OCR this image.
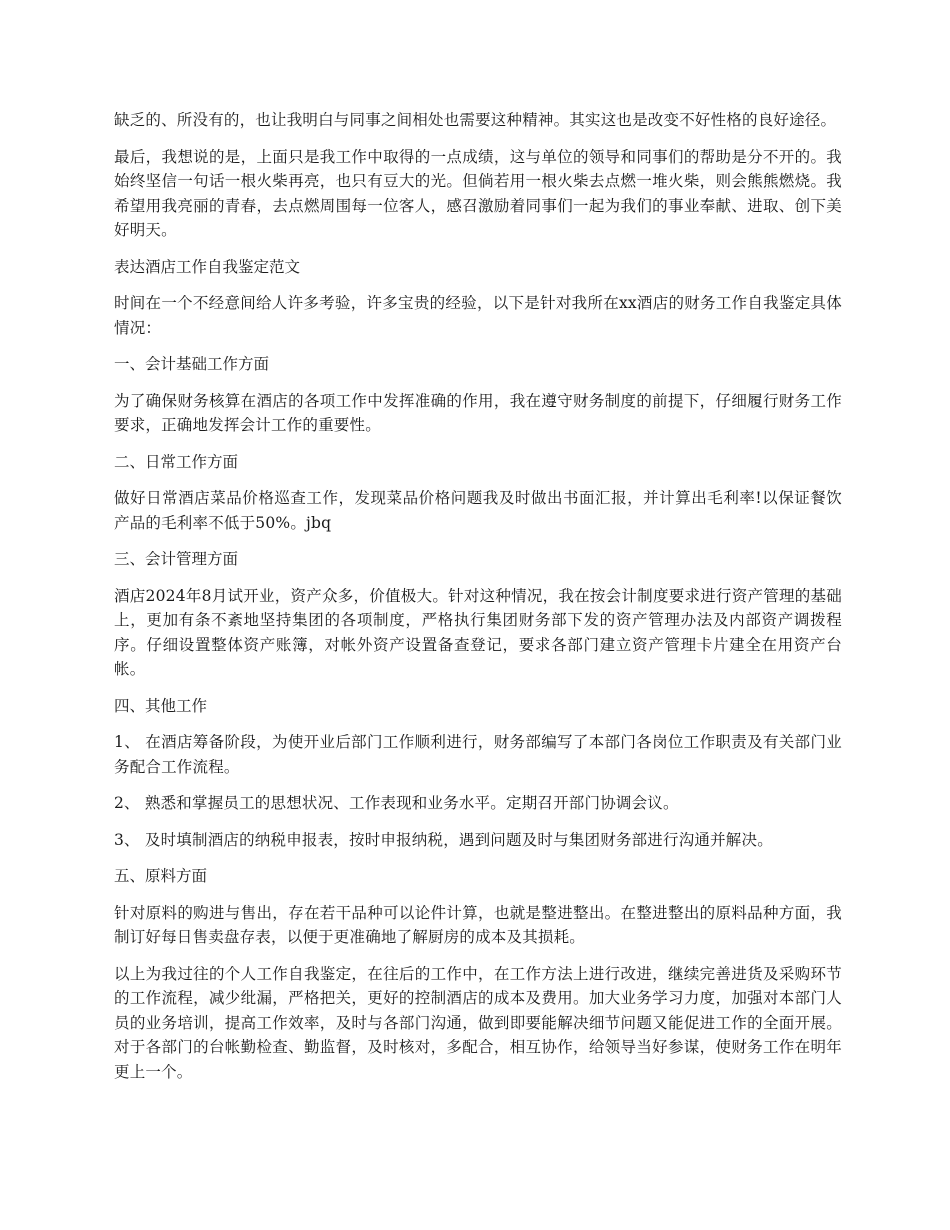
缺乏的、所没有的，也让我明白与同事之间相处也需要这种精神。其实这也是改变不好性格的良好途径。

最后，我想说的是，上面只是我工作中取得的一点成绩，这与单位的领导和同事们的帮助是分不开的。我始终坚信一句话一根火柴再亮，也只有豆大的光。但倘若用一根火柴去点燃一堆火柴，则会熊熊燃烧。我希望用我亮丽的青春，去点燃周围每一位客人，感召激励着同事们一起为我们的事业奉献、进取、创下美好明天。

表达酒店工作自我鉴定范文

时间在一个不经意间给人许多考验，许多宝贵的经验，以下是针对我所在xx酒店的财务工作自我鉴定具体情况：

一、会计基础工作方面

为了确保财务核算在酒店的各项工作中发挥准确的作用，我在遵守财务制度的前提下，仔细履行财务工作要求，正确地发挥会计工作的重要性。

二、日常工作方面

做好日常酒店菜品价格巡查工作，发现菜品价格问题我及时做出书面汇报，并计算出毛利率!以保证餐饮产品的毛利率不低于50%。jbq

三、会计管理方面

酒店2024年8月试开业，资产众多，价值极大。针对这种情况，我在按会计制度要求进行资产管理的基础上，更加有条不紊地坚持集团的各项制度，严格执行集团财务部下发的资产管理办法及内部资产调拨程序。仔细设置整体资产账簿，对帐外资产设置备查登记，要求各部门建立资产管理卡片建全在用资产台帐。

四、其他工作

1、 在酒店筹备阶段，为使开业后部门工作顺利进行，财务部编写了本部门各岗位工作职责及有关部门业务配合工作流程。

2、 熟悉和掌握员工的思想状况、工作表现和业务水平。定期召开部门协调会议。

3、 及时填制酒店的纳税申报表，按时申报纳税，遇到问题及时与集团财务部进行沟通并解决。

五、原料方面

针对原料的购进与售出，存在若干品种可以论件计算，也就是整进整出。在整进整出的原料品种方面，我制订好每日售卖盘存表，以便于更准确地了解厨房的成本及其损耗。

以上为我过往的个人工作自我鉴定，在往后的工作中，在工作方法上进行改进，继续完善进货及采购环节的工作流程，减少纰漏，严格把关，更好的控制酒店的成本及费用。加大业务学习力度，加强对本部门人员的业务培训，提高工作效率，及时与各部门沟通，做到即要能解决细节问题又能促进工作的全面开展。对于各部门的台帐勤检查、勤监督，及时核对，多配合，相互协作，给领导当好参谋，使财务工作在明年更上一个。
